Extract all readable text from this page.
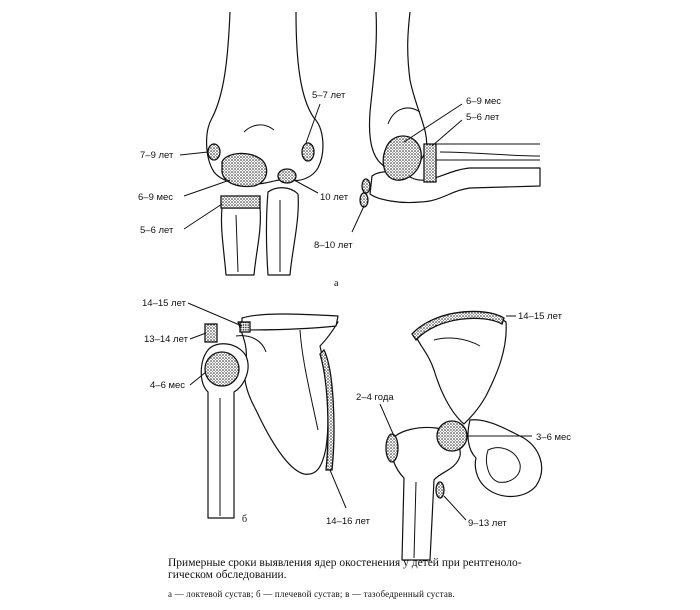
5–7 лет
7–9 лет
6–9 мес
5–6 лет
10 лет
6–9 мес
5–6 лет
8–10 лет
а
14–15 лет
13–14 лет
4–6 мес
14–16 лет
б
14–15 лет
2–4 года
3–6 мес
9–13 лет
Примерные сроки выявления ядер окостенения у детей при рентгеноло-
гическом обследовании.
а — локтевой сустав; б — плечевой сустав; в — тазобедренный сустав.
